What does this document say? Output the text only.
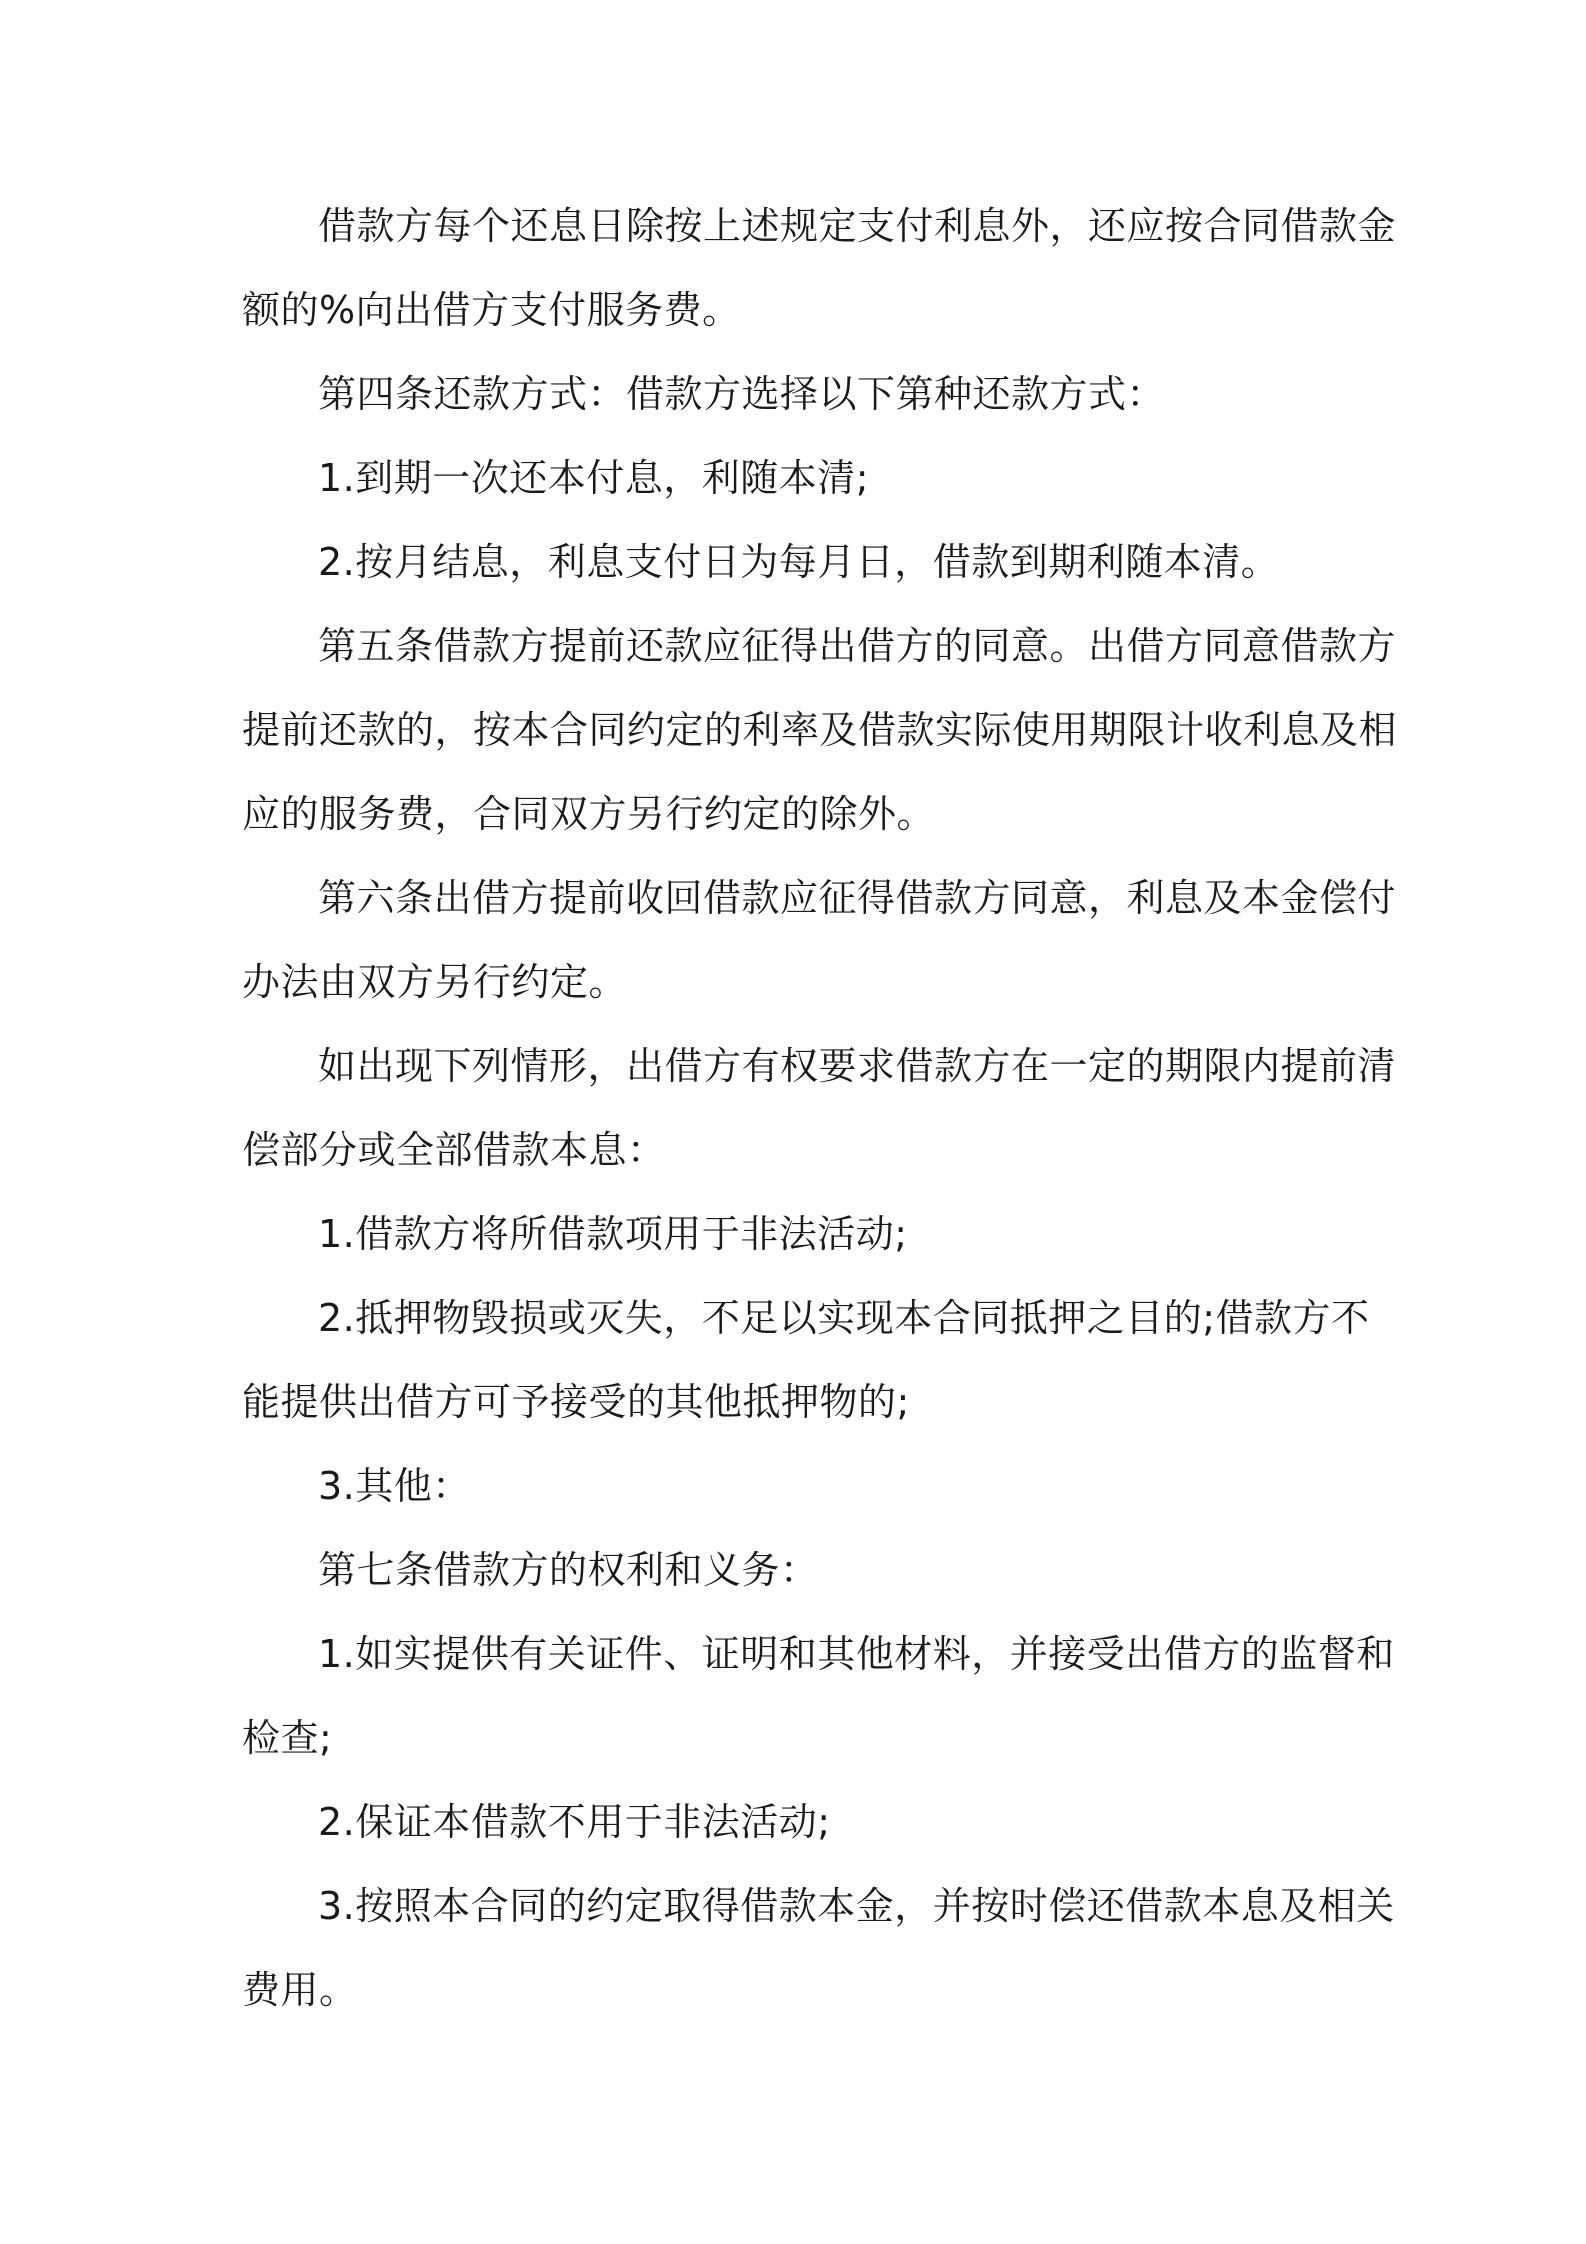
借款方每个还息日除按上述规定支付利息外，还应按合同借款金
额的%向出借方支付服务费。
第四条还款方式：借款方选择以下第种还款方式：
1.到期一次还本付息，利随本清;
2.按月结息，利息支付日为每月日，借款到期利随本清。
第五条借款方提前还款应征得出借方的同意。出借方同意借款方
提前还款的，按本合同约定的利率及借款实际使用期限计收利息及相
应的服务费，合同双方另行约定的除外。
第六条出借方提前收回借款应征得借款方同意，利息及本金偿付
办法由双方另行约定。
如出现下列情形，出借方有权要求借款方在一定的期限内提前清
偿部分或全部借款本息：
1.借款方将所借款项用于非法活动;
2.抵押物毁损或灭失，不足以实现本合同抵押之目的;借款方不
能提供出借方可予接受的其他抵押物的;
3.其他：
第七条借款方的权利和义务：
1.如实提供有关证件、证明和其他材料，并接受出借方的监督和
检查;
2.保证本借款不用于非法活动;
3.按照本合同的约定取得借款本金，并按时偿还借款本息及相关
费用。
